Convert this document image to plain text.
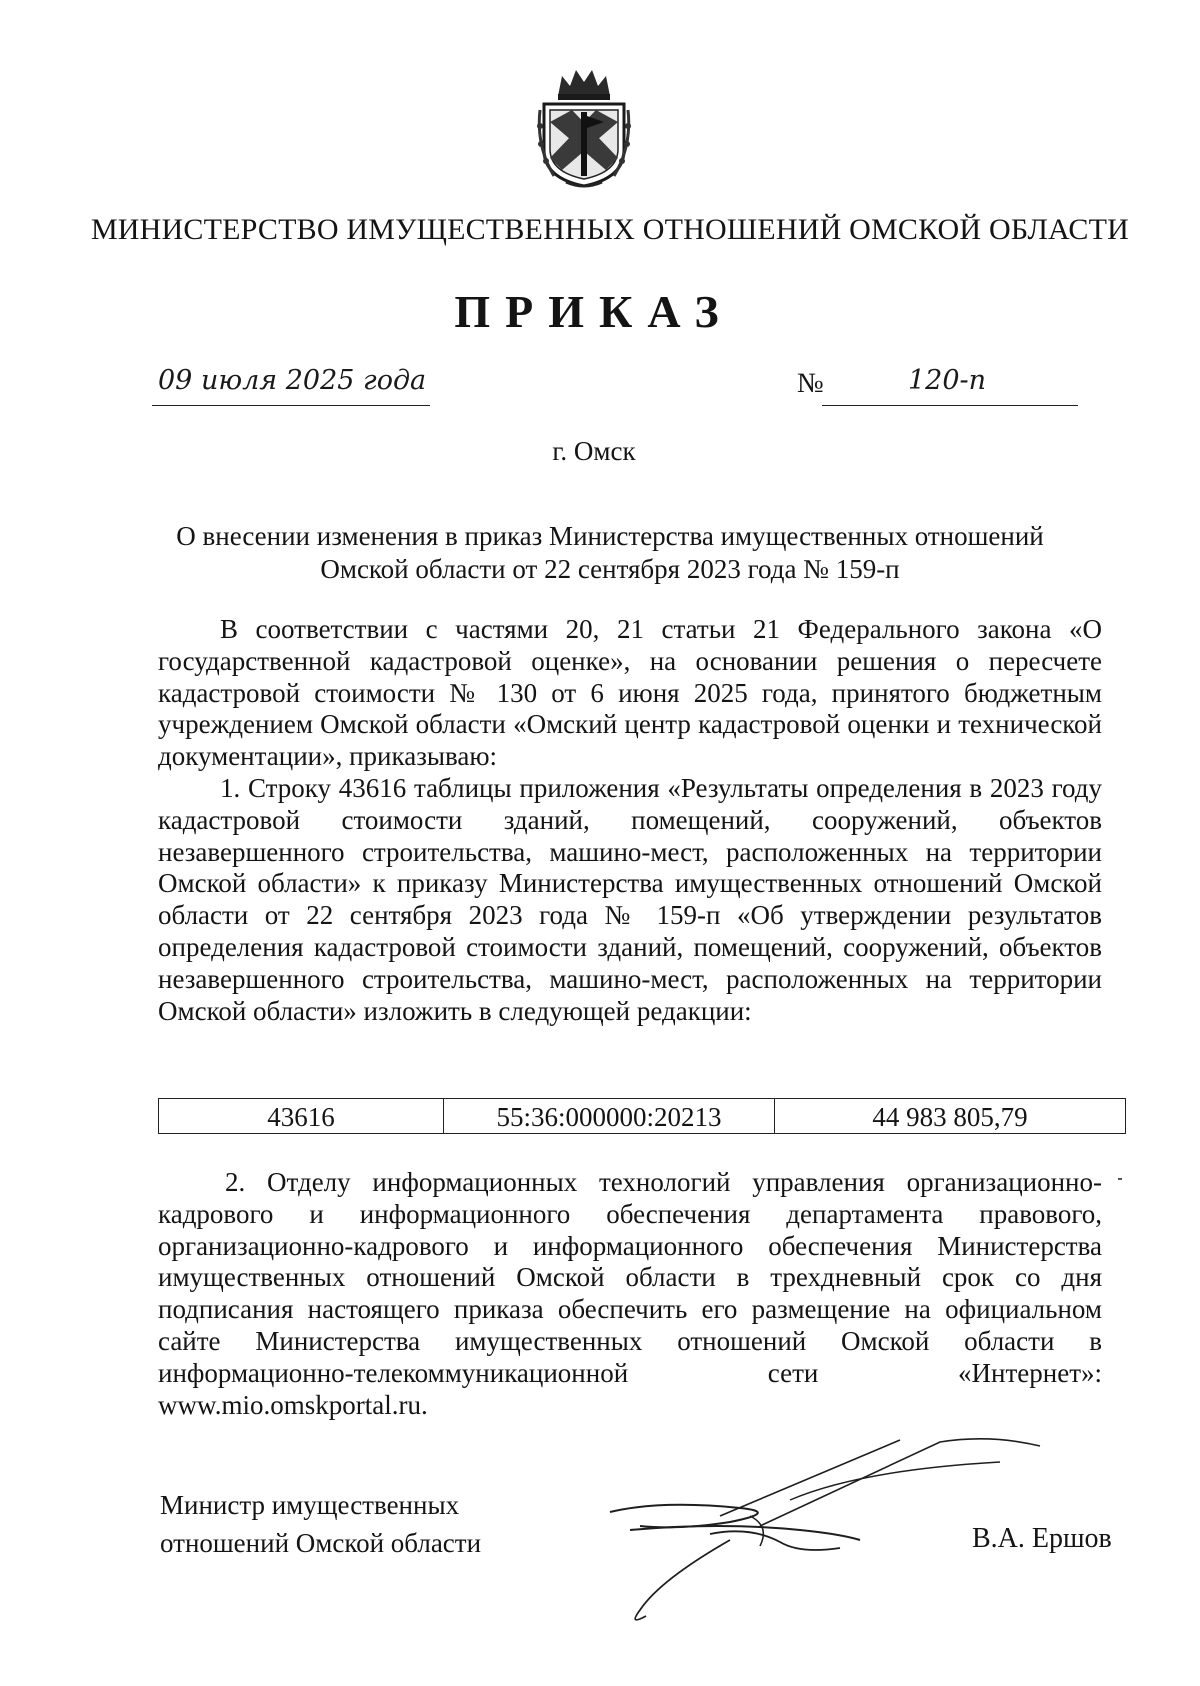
МИНИСТЕРСТВО ИМУЩЕСТВЕННЫХ ОТНОШЕНИЙ ОМСКОЙ ОБЛАСТИ
ПРИКАЗ
09 июля 2025 года	№	120-п
г. Омск
О внесении изменения в приказ Министерства имущественных отношений
Омской области от 22 сентября 2023 года № 159-п
В соответствии с частями 20, 21 статьи 21 Федерального закона «О государственной кадастровой оценке», на основании решения о пересчете кадастровой стоимости № 130 от 6 июня 2025 года, принятого бюджетным учреждением Омской области «Омский центр кадастровой оценки и технической документации», приказываю:
1. Строку 43616 таблицы приложения «Результаты определения в 2023 году кадастровой стоимости зданий, помещений, сооружений, объектов незавершенного строительства, машино-мест, расположенных на территории Омской области» к приказу Министерства имущественных отношений Омской области от 22 сентября 2023 года № 159-п «Об утверждении результатов определения кадастровой стоимости зданий, помещений, сооружений, объектов незавершенного строительства, машино-мест, расположенных на территории Омской области» изложить в следующей редакции:
43616	55:36:000000:20213	44 983 805,79
2. Отделу информационных технологий управления организационно-кадрового и информационного обеспечения департамента правового, организационно-кадрового и информационного обеспечения Министерства имущественных отношений Омской области в трехдневный срок со дня подписания настоящего приказа обеспечить его размещение на официальном сайте Министерства имущественных отношений Омской области в информационно-телекоммуникационной сети «Интернет»: www.mio.omskportal.ru.
Министр имущественных
отношений Омской области	В.А. Ершов
